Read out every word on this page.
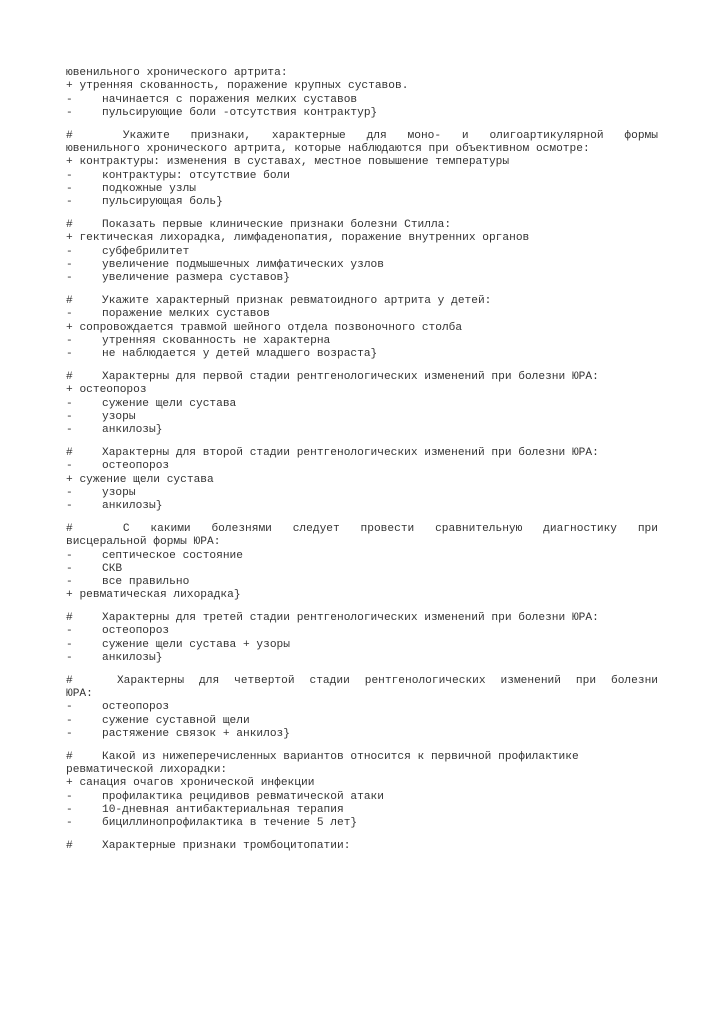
ювенильного хронического артрита:
+ утренняя скованность, поражение крупных суставов.
-	начинается с поражения мелких суставов
-	пульсирующие боли -отсутствия контрактур}
#	Укажите признаки, характерные для моно- и олигоартикулярной формы
ювенильного хронического артрита, которые наблюдаются при объективном осмотре:
+ контрактуры: изменения в суставах, местное повышение температуры
-	контрактуры: отсутствие боли
-	подкожные узлы
-	пульсирующая боль}
#	Показать первые клинические признаки болезни Стилла:
+ гектическая лихорадка, лимфаденопатия, поражение внутренних органов
-	субфебрилитет
-	увеличение подмышечных лимфатических узлов
-	увеличение размера суставов}
#	Укажите характерный признак ревматоидного артрита у детей:
-	поражение мелких суставов
+ сопровождается травмой шейного отдела позвоночного столба
-	утренняя скованность не характерна
-	не наблюдается у детей младшего возраста}
#	Характерны для первой стадии рентгенологических изменений при болезни ЮРА:
+ остеопороз
-	сужение щели сустава
-	узоры
-	анкилозы}
#	Характерны для второй стадии рентгенологических изменений при болезни ЮРА:
-	остеопороз
+ сужение щели сустава
-	узоры
-	анкилозы}
#	С какими болезнями следует провести сравнительную диагностику при
висцеральной формы ЮРА:
-	септическое состояние
-	СКВ
-	все правильно
+ ревматическая лихорадка}
#	Характерны для третей стадии рентгенологических изменений при болезни ЮРА:
-	остеопороз
-	сужение щели сустава + узоры
-	анкилозы}
#	Характерны для четвертой стадии рентгенологических изменений при болезни
ЮРА:
-	остеопороз
-	сужение суставной щели
-	растяжение связок + анкилоз}
#	Какой из нижеперечисленных вариантов относится к первичной профилактике
ревматической лихорадки:
+ санация очагов хронической инфекции
-	профилактика рецидивов ревматической атаки
-	10-дневная антибактериальная терапия
-	бициллинопрофилактика в течение 5 лет}
#	Характерные признаки тромбоцитопатии:
